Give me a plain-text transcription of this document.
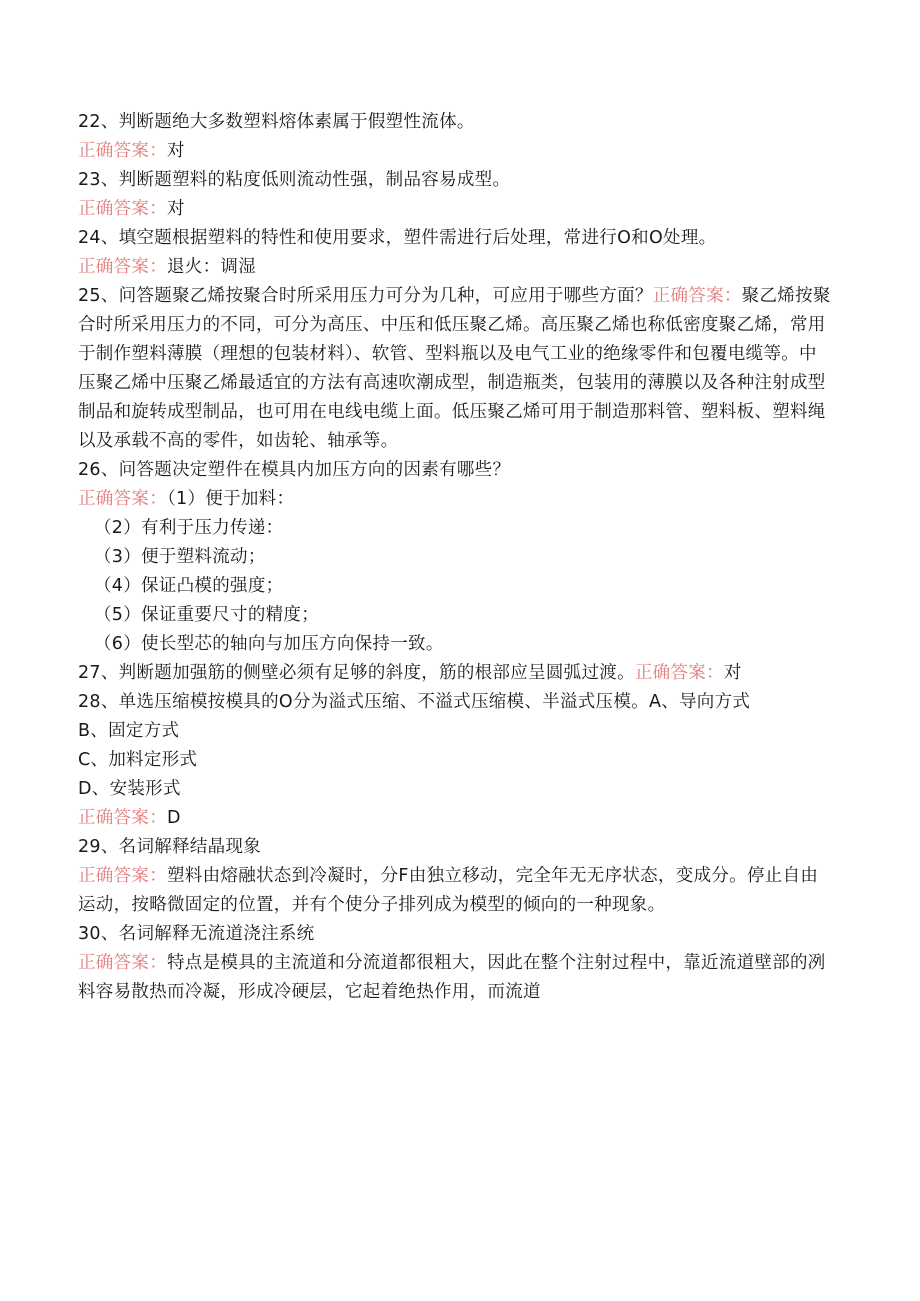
22、判断题绝大多数塑料熔体素属于假塑性流体。
正确答案：对
23、判断题塑料的粘度低则流动性强，制品容易成型。
正确答案：对
24、填空题根据塑料的特性和使用要求，塑件需进行后处理，常进行O和O处理。
正确答案：退火：调湿
25、问答题聚乙烯按聚合时所采用压力可分为几种，可应用于哪些方面？正确答案：聚乙烯按聚合时所采用压力的不同，可分为高压、中压和低压聚乙烯。高压聚乙烯也称低密度聚乙烯，常用于制作塑料薄膜（理想的包装材料）、软管、型料瓶以及电气工业的绝缘零件和包覆电缆等。中压聚乙烯中压聚乙烯最适宜的方法有高速吹潮成型，制造瓶类，包装用的薄膜以及各种注射成型制品和旋转成型制品，也可用在电线电缆上面。低压聚乙烯可用于制造那料管、塑料板、塑料绳以及承载不高的零件，如齿轮、轴承等。
26、问答题决定塑件在模具内加压方向的因素有哪些？
正确答案：（1）便于加料：
（2）有利于压力传递：
（3）便于塑料流动；
（4）保证凸模的强度；
（5）保证重要尺寸的精度；
（6）使长型芯的轴向与加压方向保持一致。
27、判断题加强筋的侧壁必须有足够的斜度，筋的根部应呈圆弧过渡。正确答案：对
28、单选压缩模按模具的O分为溢式压缩、不溢式压缩模、半溢式压模。A、导向方式
B、固定方式
C、加料定形式
D、安装形式
正确答案：D
29、名词解释结晶现象
正确答案：塑料由熔融状态到冷凝时，分F由独立移动，完全年无无序状态，变成分。停止自由运动，按略微固定的位置，并有个使分子排列成为模型的倾向的一种现象。
30、名词解释无流道浇注系统
正确答案：特点是模具的主流道和分流道都很粗大，因此在整个注射过程中，靠近流道壁部的冽料容易散热而冷凝，形成冷硬层，它起着绝热作用，而流道
